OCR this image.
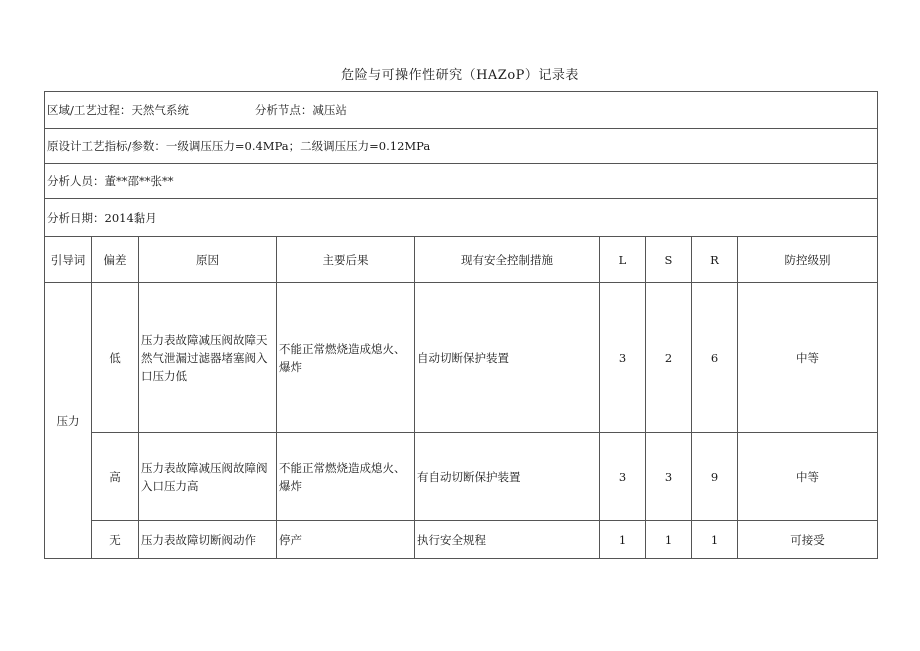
危险与可操作性研究（HAZoP）记录表
区域/工艺过程：天然气系统 分析节点：减压站								
原设计工艺指标/参数：一级调压压力=0.4MPa；二级调压压力=0.12MPa								
分析人员：董**邵**张**								
分析日期：2014黏月								
引导词	偏差	原因	主要后果	现有安全控制措施	L	S	R	防控级别
压力	低	压力表故障减压阀故障天然气泄漏过滤器堵塞阀入口压力低	不能正常燃烧造成熄火、爆炸	自动切断保护装置	3	2	6	中等
	高	压力表故障减压阀故障阀入口压力高	不能正常燃烧造成熄火、爆炸	有自动切断保护装置	3	3	9	中等
	无	压力表故障切断阀动作	停产	执行安全规程	1	1	1	可接受
